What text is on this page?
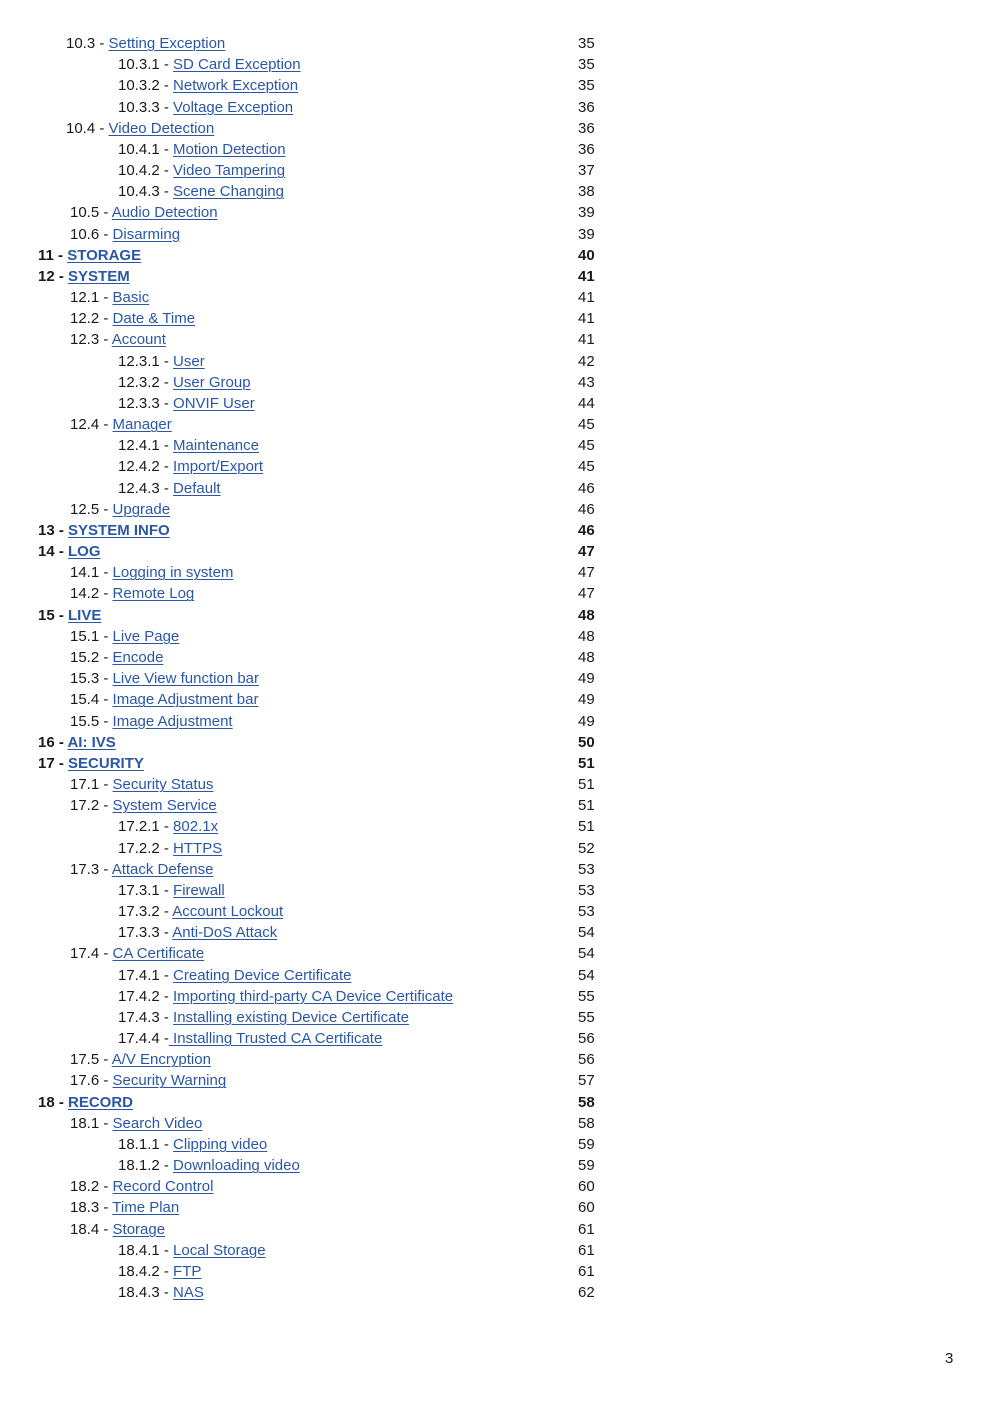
10.3 - Setting Exception	35
10.3.1 - SD Card Exception	35
10.3.2 - Network Exception	35
10.3.3 - Voltage Exception	36
10.4 - Video Detection	36
10.4.1 - Motion Detection	36
10.4.2 - Video Tampering	37
10.4.3 - Scene Changing	38
10.5 - Audio Detection	39
10.6 - Disarming	39
11 - STORAGE	40
12 - SYSTEM	41
12.1 - Basic	41
12.2 - Date & Time	41
12.3 - Account	41
12.3.1 - User	42
12.3.2 - User Group	43
12.3.3 - ONVIF User	44
12.4 - Manager	45
12.4.1 - Maintenance	45
12.4.2 - Import/Export	45
12.4.3 - Default	46
12.5 - Upgrade	46
13 - SYSTEM INFO	46
14 - LOG	47
14.1 - Logging in system	47
14.2 - Remote Log	47
15 - LIVE	48
15.1 - Live Page	48
15.2 - Encode	48
15.3 - Live View function bar	49
15.4 - Image Adjustment bar	49
15.5 - Image Adjustment	49
16 - AI: IVS	50
17 - SECURITY	51
17.1 - Security Status	51
17.2 - System Service	51
17.2.1 - 802.1x	51
17.2.2 - HTTPS	52
17.3 - Attack Defense	53
17.3.1 - Firewall	53
17.3.2 - Account Lockout	53
17.3.3 - Anti-DoS Attack	54
17.4 - CA Certificate	54
17.4.1 - Creating Device Certificate	54
17.4.2 - Importing third-party CA Device Certificate	55
17.4.3 - Installing existing Device Certificate	55
17.4.4 - Installing Trusted CA Certificate	56
17.5 - A/V Encryption	56
17.6 - Security Warning	57
18 - RECORD	58
18.1 - Search Video	58
18.1.1 - Clipping video	59
18.1.2 - Downloading video	59
18.2 - Record Control	60
18.3 - Time Plan	60
18.4 - Storage	61
18.4.1 - Local Storage	61
18.4.2 - FTP	61
18.4.3 - NAS	62
3
